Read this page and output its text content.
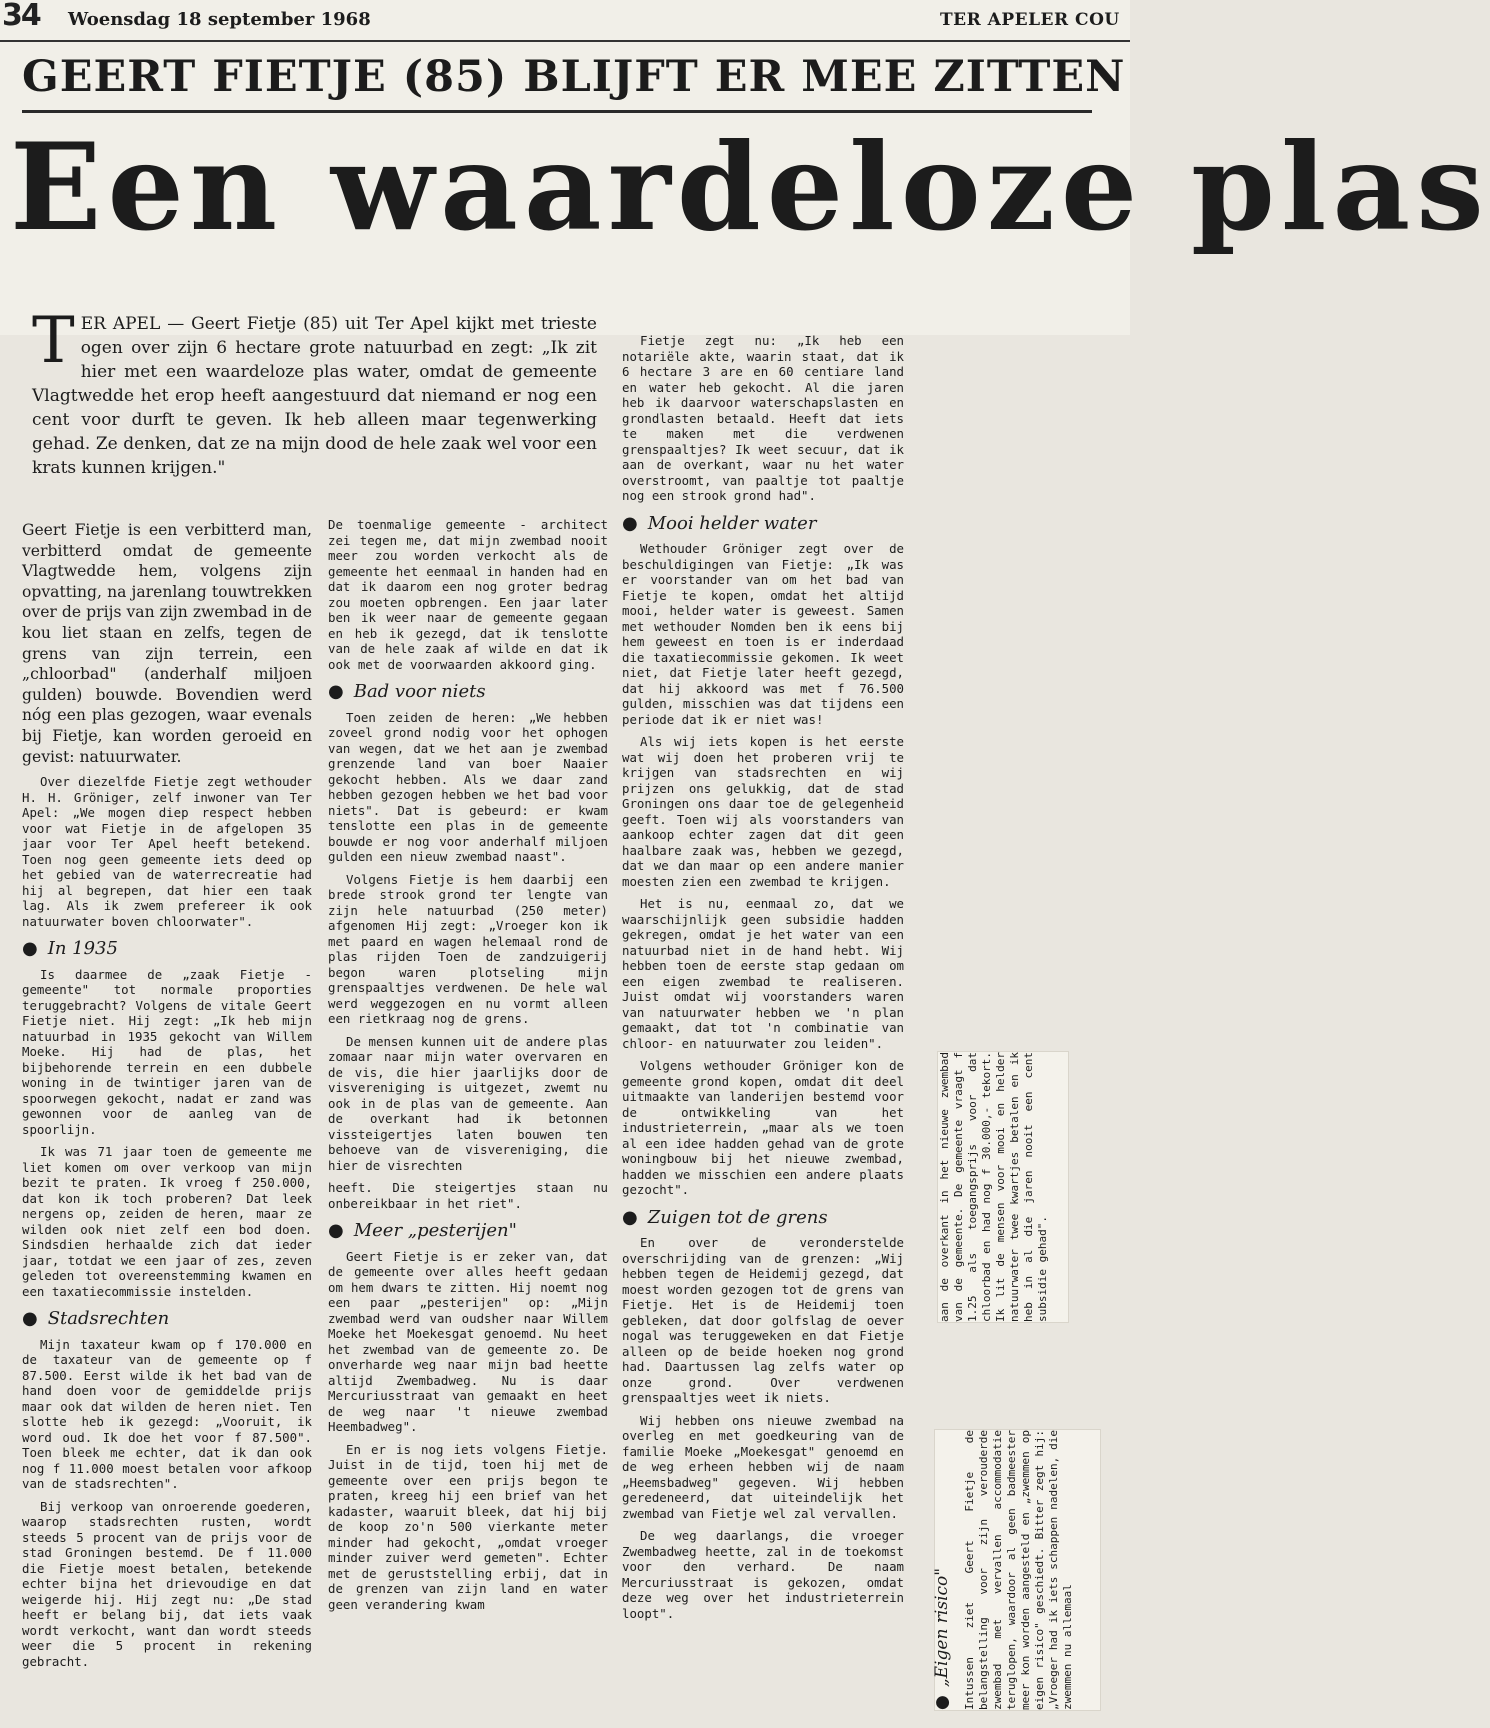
34 Woensdag 18 september 1968	TER APELER COU
GEERT FIETJE (85) BLIJFT ER MEE ZITTEN
Een waardeloze plas
TER APEL — Geert Fietje (85) uit Ter Apel kijkt met trieste ogen over zijn 6 hectare grote natuurbad en zegt: „Ik zit hier met een waardeloze plas water, omdat de gemeente Vlagtwedde het erop heeft aangestuurd dat niemand er nog een cent voor durft te geven. Ik heb alleen maar tegenwerking gehad. Ze denken, dat ze na mijn dood de hele zaak wel voor een krats kunnen krijgen."

Geert Fietje is een verbitterd man, verbitterd omdat de gemeente Vlagtwedde hem, volgens zijn opvatting, na jarenlang touwtrekken over de prijs van zijn zwembad in de kou liet staan en zelfs, tegen de grens van zijn terrein, een „chloorbad" (anderhalf miljoen gulden) bouwde. Bovendien werd nóg een plas gezogen, waar evenals bij Fietje, kan worden geroeid en gevist: natuurwater.

Over diezelfde Fietje zegt wethouder H. H. Gröniger, zelf inwoner van Ter Apel: „We mogen diep respect hebben voor wat Fietje in de afgelopen 35 jaar voor Ter Apel heeft betekend. Toen nog geen gemeente iets deed op het gebied van de waterrecreatie had hij al begrepen, dat hier een taak lag. Als ik zwem prefereer ik ook natuurwater boven chloorwater".

● In 1935

Is daarmee de „zaak Fietje - gemeente" tot normale proporties teruggebracht? Volgens de vitale Geert Fietje niet. Hij zegt: „Ik heb mijn natuurbad in 1935 gekocht van Willem Moeke. Hij had de plas, het bijbehorende terrein en een dubbele woning in de twintiger jaren van de spoorwegen gekocht, nadat er zand was gewonnen voor de aanleg van de spoorlijn.

Ik was 71 jaar toen de gemeente me liet komen om over verkoop van mijn bezit te praten. Ik vroeg f 250.000, dat kon ik toch proberen? Dat leek nergens op, zeiden de heren, maar ze wilden ook niet zelf een bod doen. Sindsdien herhaalde zich dat ieder jaar, totdat we een jaar of zes, zeven geleden tot overeenstemming kwamen en een taxatiecommissie instelden.

● Stadsrechten

Mijn taxateur kwam op f 170.000 en de taxateur van de gemeente op f 87.500. Eerst wilde ik het bad van de hand doen voor de gemiddelde prijs maar ook dat wilden de heren niet. Ten slotte heb ik gezegd: „Vooruit, ik word oud. Ik doe het voor f 87.500". Toen bleek me echter, dat ik dan ook nog f 11.000 moest betalen voor afkoop van de stadsrechten".

Bij verkoop van onroerende goederen, waarop stadsrechten rusten, wordt steeds 5 procent van de prijs voor de stad Groningen bestemd. De f 11.000 die Fietje moest betalen, betekende echter bijna het drievoudige en dat weigerde hij. Hij zegt nu: „De stad heeft er belang bij, dat iets vaak wordt verkocht, want dan wordt steeds weer die 5 procent in rekening gebracht.

De toenmalige gemeente - architect zei tegen me, dat mijn zwembad nooit meer zou worden verkocht als de gemeente het eenmaal in handen had en dat ik daarom een nog groter bedrag zou moeten opbrengen. Een jaar later ben ik weer naar de gemeente gegaan en heb ik gezegd, dat ik tenslotte van de hele zaak af wilde en dat ik ook met de voorwaarden akkoord ging.

● Bad voor niets

Toen zeiden de heren: „We hebben zoveel grond nodig voor het ophogen van wegen, dat we het aan je zwembad grenzende land van boer Naaier gekocht hebben. Als we daar zand hebben gezogen hebben we het bad voor niets". Dat is gebeurd: er kwam tenslotte een plas in de gemeente bouwde er nog voor anderhalf miljoen gulden een nieuw zwembad naast".

Volgens Fietje is hem daarbij een brede strook grond ter lengte van zijn hele natuurbad (250 meter) afgenomen Hij zegt: „Vroeger kon ik met paard en wagen helemaal rond de plas rijden Toen de zandzuigerij begon waren plotseling mijn grenspaaltjes verdwenen. De hele wal werd weggezogen en nu vormt alleen een rietkraag nog de grens.

De mensen kunnen uit de andere plas zomaar naar mijn water overvaren en de vis, die hier jaarlijks door de visvereniging is uitgezet, zwemt nu ook in de plas van de gemeente. Aan de overkant had ik betonnen vissteigertjes laten bouwen ten behoeve van de visvereniging, die hier de visrechten

heeft. Die steigertjes staan nu onbereikbaar in het riet".

● Meer „pesterijen"

Geert Fietje is er zeker van, dat de gemeente over alles heeft gedaan om hem dwars te zitten. Hij noemt nog een paar „pesterijen" op: „Mijn zwembad werd van oudsher naar Willem Moeke het Moekesgat genoemd. Nu heet het zwembad van de gemeente zo. De onverharde weg naar mijn bad heette altijd Zwembadweg. Nu is daar Mercuriusstraat van gemaakt en heet de weg naar 't nieuwe zwembad Heembadweg".

En er is nog iets volgens Fietje. Juist in de tijd, toen hij met de gemeente over een prijs begon te praten, kreeg hij een brief van het kadaster, waaruit bleek, dat hij bij de koop zo'n 500 vierkante meter minder had gekocht, „omdat vroeger minder zuiver werd gemeten". Echter met de geruststelling erbij, dat in de grenzen van zijn land en water geen verandering kwam

Fietje zegt nu: „Ik heb een notariële akte, waarin staat, dat ik 6 hectare 3 are en 60 centiare land en water heb gekocht. Al die jaren heb ik daarvoor waterschapslasten en grondlasten betaald. Heeft dat iets te maken met die verdwenen grenspaaltjes? Ik weet secuur, dat ik aan de overkant, waar nu het water overstroomt, van paaltje tot paaltje nog een strook grond had".

● Mooi helder water

Wethouder Gröniger zegt over de beschuldigingen van Fietje: „Ik was er voorstander van om het bad van Fietje te kopen, omdat het altijd mooi, helder water is geweest. Samen met wethouder Nomden ben ik eens bij hem geweest en toen is er inderdaad die taxatiecommissie gekomen. Ik weet niet, dat Fietje later heeft gezegd, dat hij akkoord was met f 76.500 gulden, misschien was dat tijdens een periode dat ik er niet was!

Als wij iets kopen is het eerste wat wij doen het proberen vrij te krijgen van stadsrechten en wij prijzen ons gelukkig, dat de stad Groningen ons daar toe de gelegenheid geeft. Toen wij als voorstanders van aankoop echter zagen dat dit geen haalbare zaak was, hebben we gezegd, dat we dan maar op een andere manier moesten zien een zwembad te krijgen.

Het is nu, eenmaal zo, dat we waarschijnlijk geen subsidie hadden gekregen, omdat je het water van een natuurbad niet in de hand hebt. Wij hebben toen de eerste stap gedaan om een eigen zwembad te realiseren. Juist omdat wij voorstanders waren van natuurwater hebben we 'n plan gemaakt, dat tot 'n combinatie van chloor- en natuurwater zou leiden".

Volgens wethouder Gröniger kon de gemeente grond kopen, omdat dit deel uitmaakte van landerijen bestemd voor de ontwikkeling van het industrieterrein, „maar als we toen al een idee hadden gehad van de grote woningbouw bij het nieuwe zwembad, hadden we misschien een andere plaats gezocht".

● Zuigen tot de grens

En over de veronderstelde overschrijding van de grenzen: „Wij hebben tegen de Heidemij gezegd, dat moest worden gezogen tot de grens van Fietje. Het is de Heidemij toen gebleken, dat door golfslag de oever nogal was teruggeweken en dat Fietje alleen op de beide hoeken nog grond had. Daartussen lag zelfs water op onze grond. Over verdwenen grenspaaltjes weet ik niets.

Wij hebben ons nieuwe zwembad na overleg en met goedkeuring van de familie Moeke „Moekesgat" genoemd en de weg erheen hebben wij de naam „Heemsbadweg" gegeven. Wij hebben geredeneerd, dat uiteindelijk het zwembad van Fietje wel zal vervallen.

De weg daarlangs, die vroeger Zwembadweg heette, zal in de toekomst voor den verhard. De naam Mercuriusstraat is gekozen, omdat deze weg over het industrieterrein loopt".

aan de overkant in het nieuwe zwembad van de gemeente. De gemeente vraagt f 1.25 als toegangsprijs voor dat chloorbad en had nog f 30.000,- tekort. Ik lit de mensen voor mooi en helder natuurwater twee kwartjes betalen en ik heb in al die jaren nooit een cent subsidie gehad".
●„Eigen risico" Intussen ziet Geert Fietje de belangstelling voor zijn verouderde zwembad met vervallen accommodatie teruglopen, waardoor al geen badmeester meer kon worden aangesteld en „zwemmen op eigen risico" geschiedt. Bitter zegt hij: „Vroeger had ik iets schappen nadelen, die zwemmen nu allemaal
